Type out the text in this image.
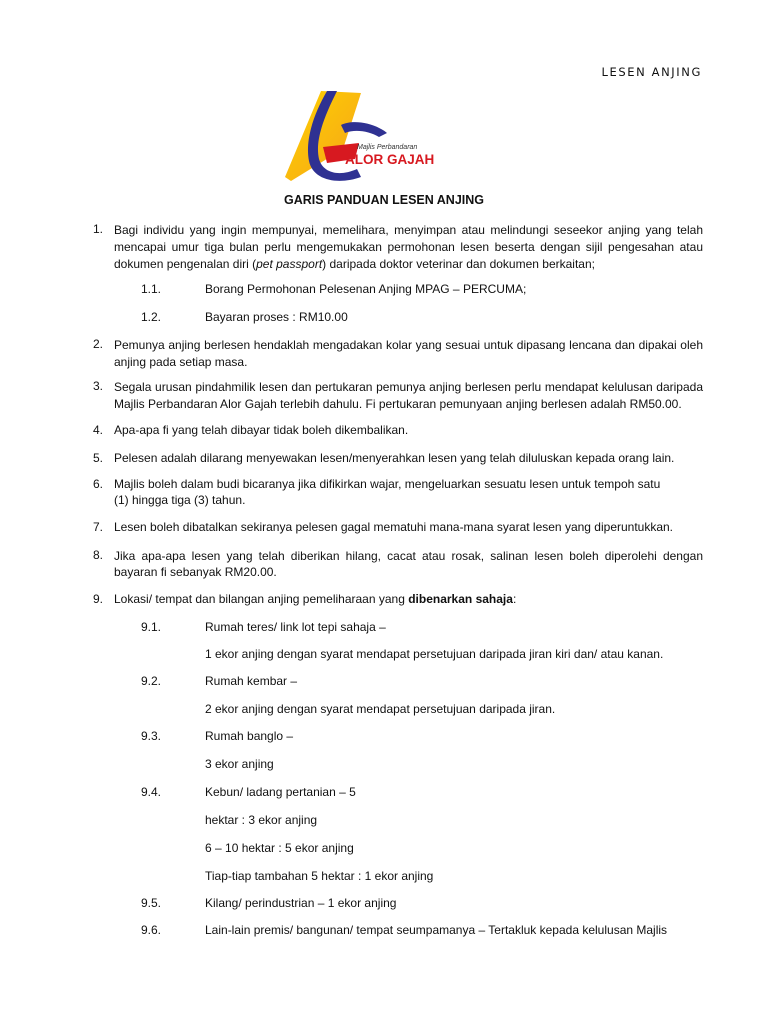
LESEN ANJING
Majlis Perbandaran
ALOR GAJAH
GARIS PANDUAN LESEN ANJING
1. Bagi individu yang ingin mempunyai, memelihara, menyimpan atau melindungi seseekor anjing yang telah mencapai umur tiga bulan perlu mengemukakan permohonan lesen beserta dengan sijil pengesahan atau dokumen pengenalan diri (pet passport) daripada doktor veterinar dan dokumen berkaitan;
1.1.	Borang Permohonan Pelesenan Anjing MPAG – PERCUMA;
1.2.	Bayaran proses : RM10.00
2. Pemunya anjing berlesen hendaklah mengadakan kolar yang sesuai untuk dipasang lencana dan dipakai oleh anjing pada setiap masa.
3. Segala urusan pindahmilik lesen dan pertukaran pemunya anjing berlesen perlu mendapat kelulusan daripada Majlis Perbandaran Alor Gajah terlebih dahulu. Fi pertukaran pemunyaan anjing berlesen adalah RM50.00.
4. Apa-apa fi yang telah dibayar tidak boleh dikembalikan.
5. Pelesen adalah dilarang menyewakan lesen/menyerahkan lesen yang telah diluluskan kepada orang lain.
6. Majlis boleh dalam budi bicaranya jika difikirkan wajar, mengeluarkan sesuatu lesen untuk tempoh satu
(1) hingga tiga (3) tahun.
7. Lesen boleh dibatalkan sekiranya pelesen gagal mematuhi mana-mana syarat lesen yang diperuntukkan.
8. Jika apa-apa lesen yang telah diberikan hilang, cacat atau rosak, salinan lesen boleh diperolehi dengan bayaran fi sebanyak RM20.00.
9. Lokasi/ tempat dan bilangan anjing pemeliharaan yang dibenarkan sahaja:
9.1.	Rumah teres/ link lot tepi sahaja –
1 ekor anjing dengan syarat mendapat persetujuan daripada jiran kiri dan/ atau kanan.
9.2.	Rumah kembar –
2 ekor anjing dengan syarat mendapat persetujuan daripada jiran.
9.3.	Rumah banglo –
3 ekor anjing
9.4.	Kebun/ ladang pertanian – 5
hektar : 3 ekor anjing
6 – 10 hektar : 5 ekor anjing
Tiap-tiap tambahan 5 hektar : 1 ekor anjing
9.5.	Kilang/ perindustrian – 1 ekor anjing
9.6.	Lain-lain premis/ bangunan/ tempat seumpamanya – Tertakluk kepada kelulusan Majlis
